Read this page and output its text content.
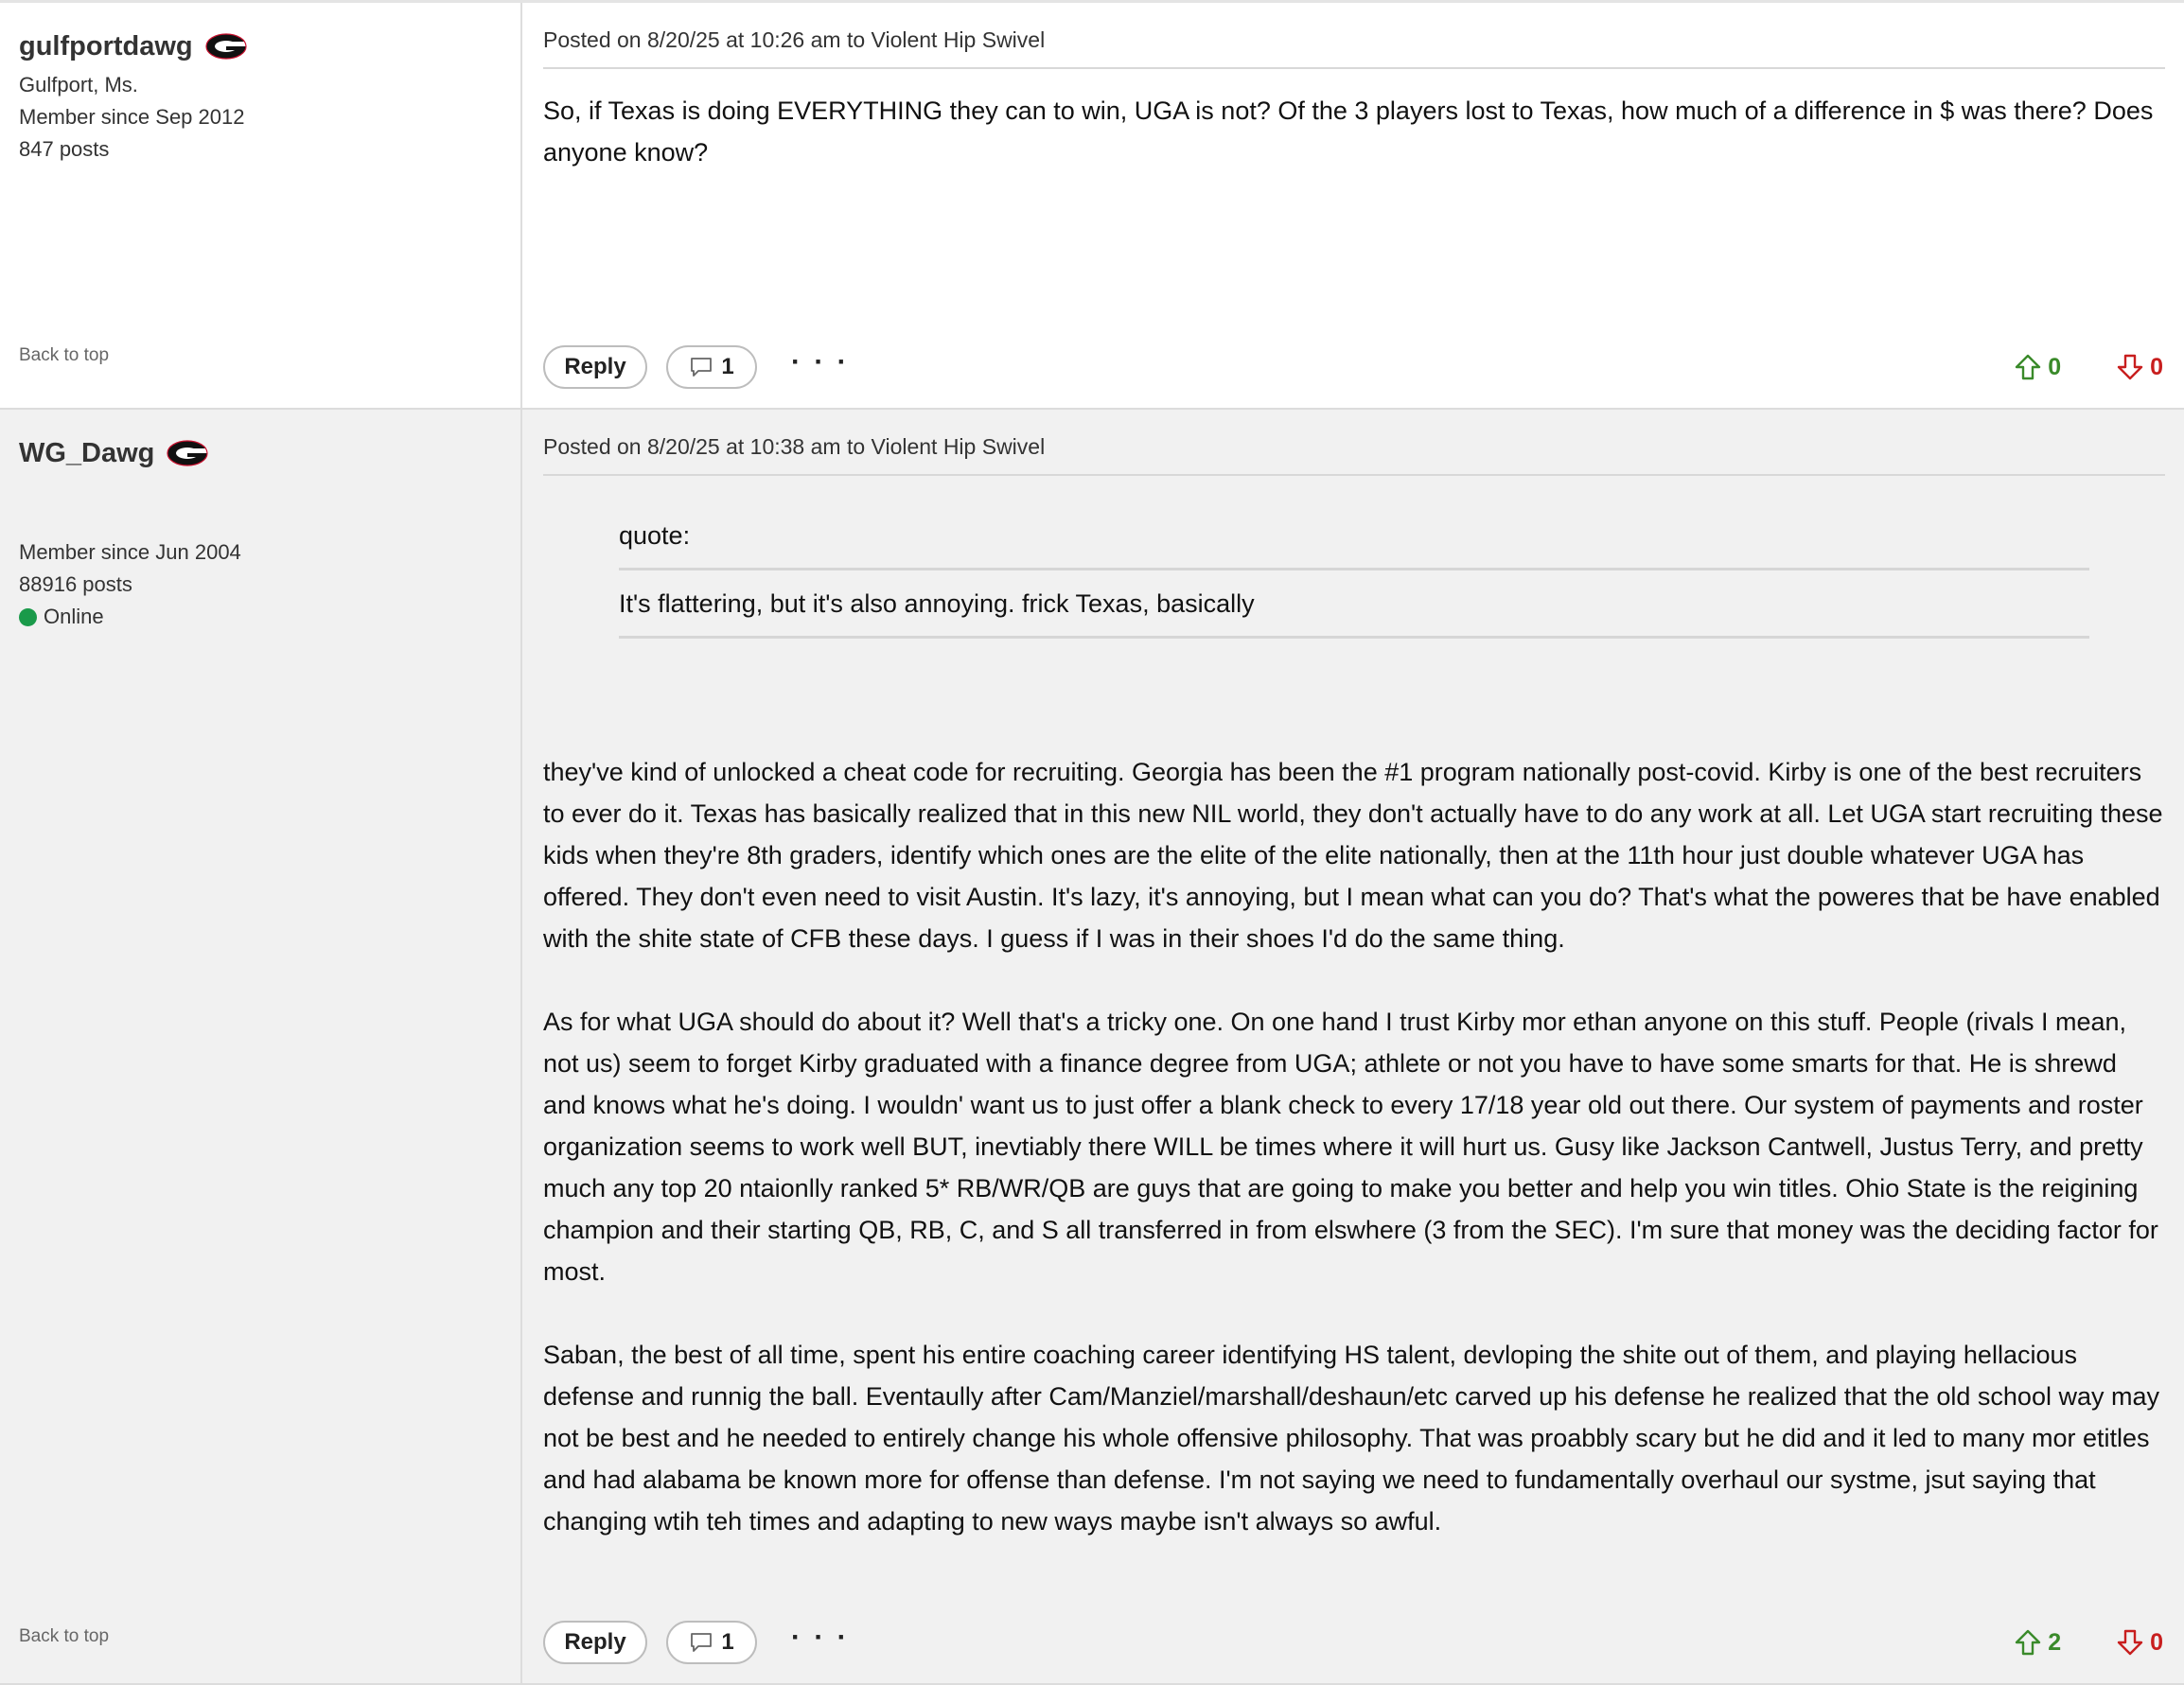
gulfportdawg
Gulfport, Ms.
Member since Sep 2012
847 posts
Back to top
Posted on 8/20/25 at 10:26 am to Violent Hip Swivel

So, if Texas is doing EVERYTHING they can to win, UGA is not? Of the 3 players lost to Texas, how much of a difference in $ was there? Does anyone know?

Reply	1 · · ·	0	0
WG_Dawg
Member since Jun 2004
88916 posts
Online
Back to top
Posted on 8/20/25 at 10:38 am to Violent Hip Swivel
quote:
It's flattering, but it's also annoying. frick Texas, basically

they've kind of unlocked a cheat code for recruiting. Georgia has been the #1 program nationally post-covid. Kirby is one of the best recruiters to ever do it. Texas has basically realized that in this new NIL world, they don't actually have to do any work at all. Let UGA start recruiting these kids when they're 8th graders, identify which ones are the elite of the elite nationally, then at the 11th hour just double whatever UGA has offered. They don't even need to visit Austin. It's lazy, it's annoying, but I mean what can you do? That's what the poweres that be have enabled with the shite state of CFB these days. I guess if I was in their shoes I'd do the same thing.

As for what UGA should do about it? Well that's a tricky one. On one hand I trust Kirby mor ethan anyone on this stuff. People (rivals I mean, not us) seem to forget Kirby graduated with a finance degree from UGA; athlete or not you have to have some smarts for that. He is shrewd and knows what he's doing. I wouldn' want us to just offer a blank check to every 17/18 year old out there. Our system of payments and roster organization seems to work well BUT, inevtiably there WILL be times where it will hurt us. Gusy like Jackson Cantwell, Justus Terry, and pretty much any top 20 ntaionlly ranked 5* RB/WR/QB are guys that are going to make you better and help you win titles. Ohio State is the reigining champion and their starting QB, RB, C, and S all transferred in from elswhere (3 from the SEC). I'm sure that money was the deciding factor for most.

Saban, the best of all time, spent his entire coaching career identifying HS talent, devloping the shite out of them, and playing hellacious defense and runnig the ball. Eventaully after Cam/Manziel/marshall/deshaun/etc carved up his defense he realized that the old school way may not be best and he needed to entirely change his whole offensive philosophy. That was proabbly scary but he did and it led to many mor etitles and had alabama be known more for offense than defense. I'm not saying we need to fundamentally overhaul our systme, jsut saying that changing wtih teh times and adapting to new ways maybe isn't always so awful.

Reply	1 · · ·	2	0
